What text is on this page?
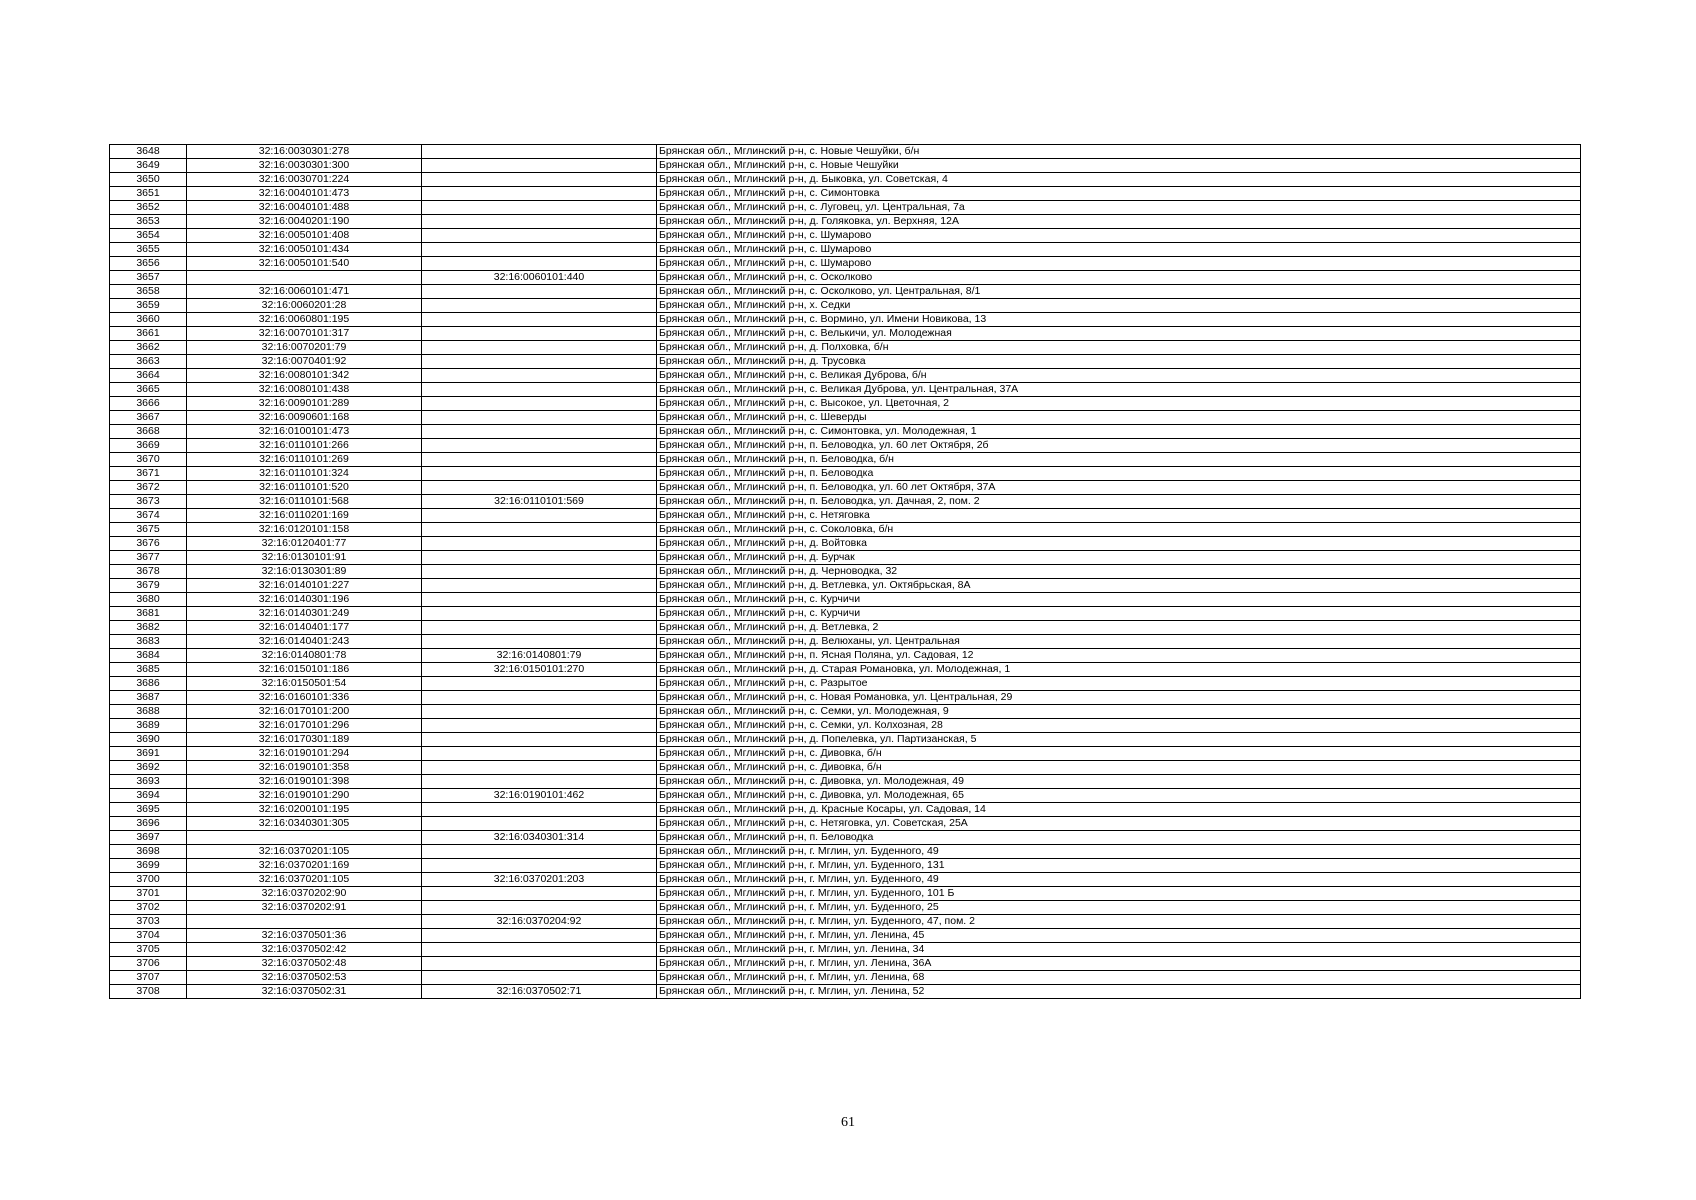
3648	32:16:0030301:278		Брянская обл., Мглинский р-н, с. Новые Чешуйки, б/н
3649	32:16:0030301:300		Брянская обл., Мглинский р-н, с. Новые Чешуйки
3650	32:16:0030701:224		Брянская обл., Мглинский р-н, д. Быковка, ул. Советская, 4
3651	32:16:0040101:473		Брянская обл., Мглинский р-н, с. Симонтовка
3652	32:16:0040101:488		Брянская обл., Мглинский р-н, с. Луговец, ул. Центральная, 7а
3653	32:16:0040201:190		Брянская обл., Мглинский р-н, д. Голяковка, ул. Верхняя, 12А
3654	32:16:0050101:408		Брянская обл., Мглинский р-н, с. Шумарово
3655	32:16:0050101:434		Брянская обл., Мглинский р-н, с. Шумарово
3656	32:16:0050101:540		Брянская обл., Мглинский р-н, с. Шумарово
3657		32:16:0060101:440	Брянская обл., Мглинский р-н, с. Осколково
3658	32:16:0060101:471		Брянская обл., Мглинский р-н, с. Осколково, ул. Центральная, 8/1
3659	32:16:0060201:28		Брянская обл., Мглинский р-н, х. Седки
3660	32:16:0060801:195		Брянская обл., Мглинский р-н, с. Вормино, ул. Имени Новикова, 13
3661	32:16:0070101:317		Брянская обл., Мглинский р-н, с. Велькичи, ул. Молодежная
3662	32:16:0070201:79		Брянская обл., Мглинский р-н, д. Полховка, б/н
3663	32:16:0070401:92		Брянская обл., Мглинский р-н, д. Трусовка
3664	32:16:0080101:342		Брянская обл., Мглинский р-н, с. Великая Дуброва, б/н
3665	32:16:0080101:438		Брянская обл., Мглинский р-н, с. Великая Дуброва, ул. Центральная, 37А
3666	32:16:0090101:289		Брянская обл., Мглинский р-н, с. Высокое, ул. Цветочная, 2
3667	32:16:0090601:168		Брянская обл., Мглинский р-н, с. Шеверды
3668	32:16:0100101:473		Брянская обл., Мглинский р-н, с. Симонтовка, ул. Молодежная, 1
3669	32:16:0110101:266		Брянская обл., Мглинский р-н, п. Беловодка, ул. 60 лет Октября, 2б
3670	32:16:0110101:269		Брянская обл., Мглинский р-н, п. Беловодка, б/н
3671	32:16:0110101:324		Брянская обл., Мглинский р-н, п. Беловодка
3672	32:16:0110101:520		Брянская обл., Мглинский р-н, п. Беловодка, ул. 60 лет Октября, 37А
3673	32:16:0110101:568	32:16:0110101:569	Брянская обл., Мглинский р-н, п. Беловодка, ул. Дачная, 2, пом. 2
3674	32:16:0110201:169		Брянская обл., Мглинский р-н, с. Нетяговка
3675	32:16:0120101:158		Брянская обл., Мглинский р-н, с. Соколовка, б/н
3676	32:16:0120401:77		Брянская обл., Мглинский р-н, д. Войтовка
3677	32:16:0130101:91		Брянская обл., Мглинский р-н, д. Бурчак
3678	32:16:0130301:89		Брянская обл., Мглинский р-н, д. Черноводка, 32
3679	32:16:0140101:227		Брянская обл., Мглинский р-н, д. Ветлевка, ул. Октябрьская, 8А
3680	32:16:0140301:196		Брянская обл., Мглинский р-н, с. Курчичи
3681	32:16:0140301:249		Брянская обл., Мглинский р-н, с. Курчичи
3682	32:16:0140401:177		Брянская обл., Мглинский р-н, д. Ветлевка, 2
3683	32:16:0140401:243		Брянская обл., Мглинский р-н, д. Велюханы, ул. Центральная
3684	32:16:0140801:78	32:16:0140801:79	Брянская обл., Мглинский р-н, п. Ясная Поляна, ул. Садовая, 12
3685	32:16:0150101:186	32:16:0150101:270	Брянская обл., Мглинский р-н, д. Старая Романовка, ул. Молодежная, 1
3686	32:16:0150501:54		Брянская обл., Мглинский р-н, с. Разрытое
3687	32:16:0160101:336		Брянская обл., Мглинский р-н, с. Новая Романовка, ул. Центральная, 29
3688	32:16:0170101:200		Брянская обл., Мглинский р-н, с. Семки, ул. Молодежная, 9
3689	32:16:0170101:296		Брянская обл., Мглинский р-н, с. Семки, ул. Колхозная, 28
3690	32:16:0170301:189		Брянская обл., Мглинский р-н, д. Попелевка, ул. Партизанская, 5
3691	32:16:0190101:294		Брянская обл., Мглинский р-н, с. Дивовка, б/н
3692	32:16:0190101:358		Брянская обл., Мглинский р-н, с. Дивовка, б/н
3693	32:16:0190101:398		Брянская обл., Мглинский р-н, с. Дивовка, ул. Молодежная, 49
3694	32:16:0190101:290	32:16:0190101:462	Брянская обл., Мглинский р-н, с. Дивовка, ул. Молодежная, 65
3695	32:16:0200101:195		Брянская обл., Мглинский р-н, д. Красные Косары, ул. Садовая, 14
3696	32:16:0340301:305		Брянская обл., Мглинский р-н, с. Нетяговка, ул. Советская, 25А
3697		32:16:0340301:314	Брянская обл., Мглинский р-н, п. Беловодка
3698	32:16:0370201:105		Брянская обл., Мглинский р-н, г. Мглин, ул. Буденного, 49
3699	32:16:0370201:169		Брянская обл., Мглинский р-н, г. Мглин, ул. Буденного, 131
3700	32:16:0370201:105	32:16:0370201:203	Брянская обл., Мглинский р-н, г. Мглин, ул. Буденного, 49
3701	32:16:0370202:90		Брянская обл., Мглинский р-н, г. Мглин, ул. Буденного, 101 Б
3702	32:16:0370202:91		Брянская обл., Мглинский р-н, г. Мглин, ул. Буденного, 25
3703		32:16:0370204:92	Брянская обл., Мглинский р-н, г. Мглин, ул. Буденного, 47, пом. 2
3704	32:16:0370501:36		Брянская обл., Мглинский р-н, г. Мглин, ул. Ленина, 45
3705	32:16:0370502:42		Брянская обл., Мглинский р-н, г. Мглин, ул. Ленина, 34
3706	32:16:0370502:48		Брянская обл., Мглинский р-н, г. Мглин, ул. Ленина, 36А
3707	32:16:0370502:53		Брянская обл., Мглинский р-н, г. Мглин, ул. Ленина, 68
3708	32:16:0370502:31	32:16:0370502:71	Брянская обл., Мглинский р-н, г. Мглин, ул. Ленина, 52
61
